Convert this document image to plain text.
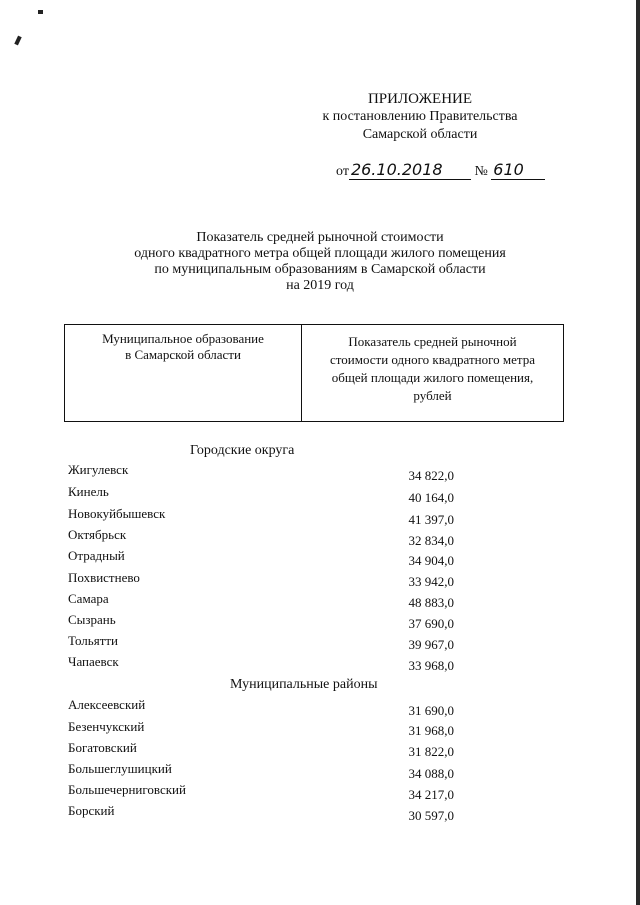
ПРИЛОЖЕНИЕ
к постановлению Правительства
Самарской области
от 26.10.2018 № 610
Показатель средней рыночной стоимости
одного квадратного метра общей площади жилого помещения
по муниципальным образованиям в Самарской области
на 2019 год
Муниципальное образование
в Самарской области
Показатель средней рыночной
стоимости одного квадратного метра
общей площади жилого помещения,
рублей
Городские округа
Жигулевск	34 822,0
Кинель	40 164,0
Новокуйбышевск	41 397,0
Октябрьск	32 834,0
Отрадный	34 904,0
Похвистнево	33 942,0
Самара	48 883,0
Сызрань	37 690,0
Тольятти	39 967,0
Чапаевск	33 968,0
Муниципальные районы
Алексеевский	31 690,0
Безенчукский	31 968,0
Богатовский	31 822,0
Большеглушицкий	34 088,0
Большечерниговский	34 217,0
Борский	30 597,0
